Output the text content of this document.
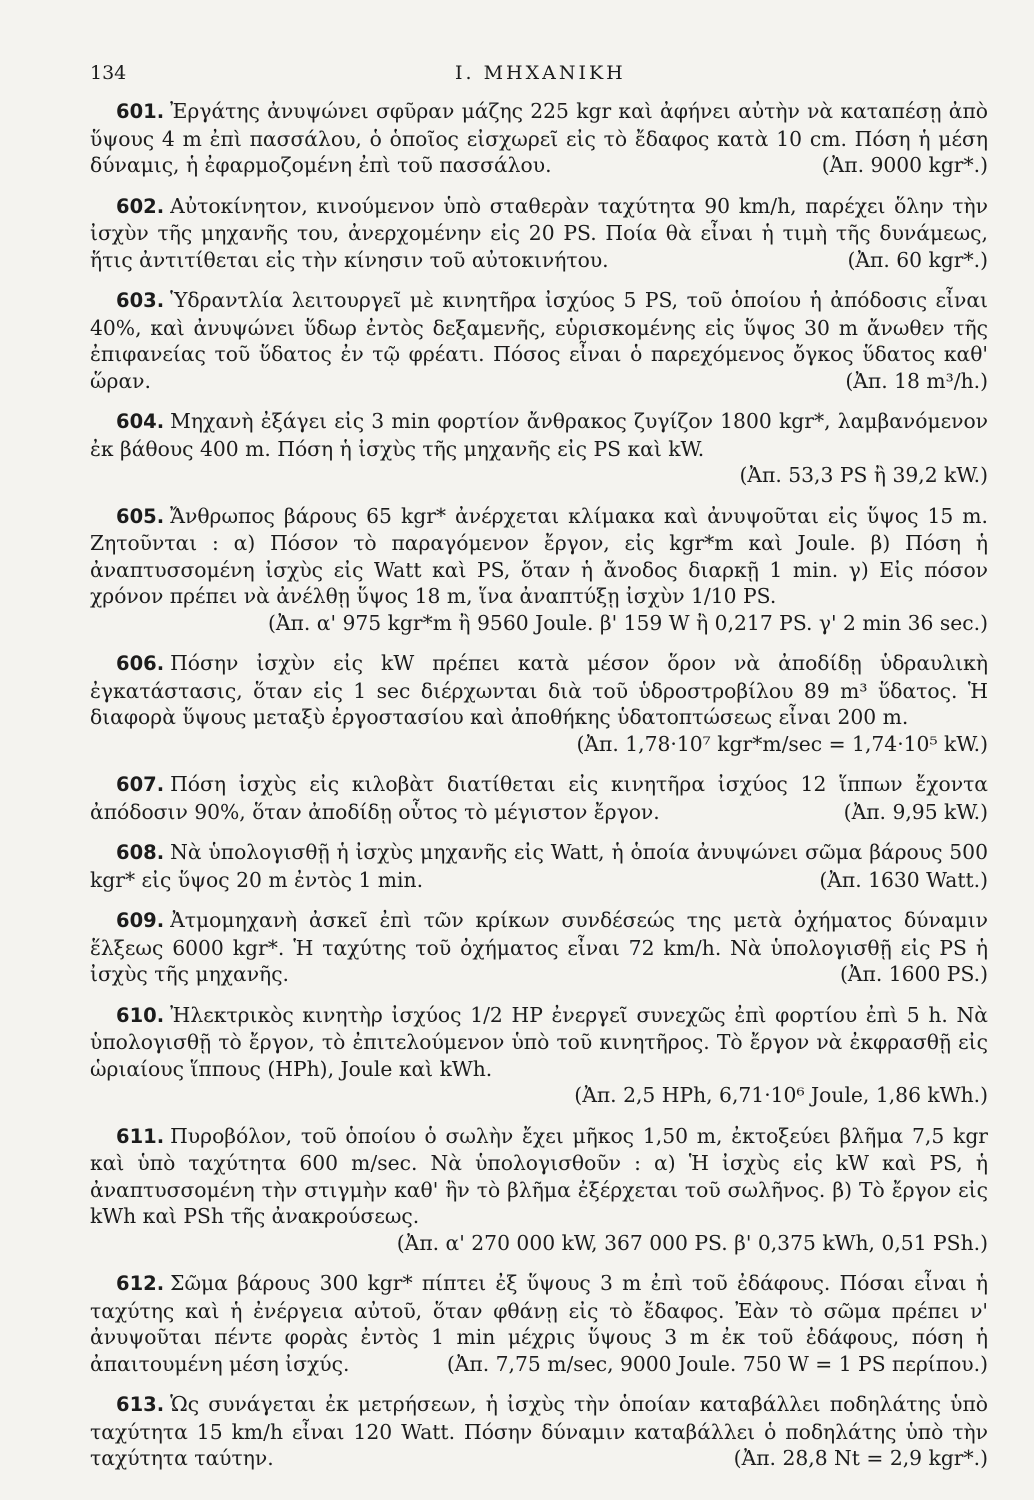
134	I. ΜΗΧΑΝΙΚΗ

601. Ἐργάτης ἀνυψώνει σφῦραν μάζης 225 kgr καὶ ἀφήνει αὐτὴν νὰ καταπέσῃ ἀπὸ ὕψους 4 m ἐπὶ πασσάλου, ὁ ὁποῖος εἰσχωρεῖ εἰς τὸ ἔδαφος κατὰ 10 cm. Πόση ἡ μέση δύναμις, ἡ ἐφαρμοζομένη ἐπὶ τοῦ πασσάλου.	(Ἀπ. 9000 kgr*.)

602. Αὐτοκίνητον, κινούμενον ὑπὸ σταθερὰν ταχύτητα 90 km/h, παρέχει ὅλην τὴν ἰσχὺν τῆς μηχανῆς του, ἀνερχομένην εἰς 20 PS. Ποία θὰ εἶναι ἡ τιμὴ τῆς δυνάμεως, ἥτις ἀντιτίθεται εἰς τὴν κίνησιν τοῦ αὐτοκινήτου.	(Ἀπ. 60 kgr*.)

603. Ὑδραντλία λειτουργεῖ μὲ κινητῆρα ἰσχύος 5 PS, τοῦ ὁποίου ἡ ἀπόδοσις εἶναι 40%, καὶ ἀνυψώνει ὕδωρ ἐντὸς δεξαμενῆς, εὑρισκομένης εἰς ὕψος 30 m ἄνωθεν τῆς ἐπιφανείας τοῦ ὕδατος ἐν τῷ φρέατι. Πόσος εἶναι ὁ παρεχόμενος ὄγκος ὕδατος καθ' ὥραν.	(Ἀπ. 18 m³/h.)

604. Μηχανὴ ἐξάγει εἰς 3 min φορτίον ἄνθρακος ζυγίζον 1800 kgr*, λαμβανόμενον ἐκ βάθους 400 m. Πόση ἡ ἰσχὺς τῆς μηχανῆς εἰς PS καὶ kW.
(Ἀπ. 53,3 PS ἢ 39,2 kW.)

605. Ἄνθρωπος βάρους 65 kgr* ἀνέρχεται κλίμακα καὶ ἀνυψοῦται εἰς ὕψος 15 m. Ζητοῦνται : α) Πόσον τὸ παραγόμενον ἔργον, εἰς kgr*m καὶ Joule. β) Πόση ἡ ἀναπτυσσομένη ἰσχὺς εἰς Watt καὶ PS, ὅταν ἡ ἄνοδος διαρκῇ 1 min. γ) Εἰς πόσον χρόνον πρέπει νὰ ἀνέλθῃ ὕψος 18 m, ἵνα ἀναπτύξῃ ἰσχὺν 1/10 PS.
(Ἀπ. α' 975 kgr*m ἢ 9560 Joule. β' 159 W ἢ 0,217 PS. γ' 2 min 36 sec.)

606. Πόσην ἰσχὺν εἰς kW πρέπει κατὰ μέσον ὅρον νὰ ἀποδίδῃ ὑδραυλικὴ ἐγκατάστασις, ὅταν εἰς 1 sec διέρχωνται διὰ τοῦ ὑδροστροβίλου 89 m³ ὕδατος. Ἡ διαφορὰ ὕψους μεταξὺ ἐργοστασίου καὶ ἀποθήκης ὑδατοπτώσεως εἶναι 200 m.
(Ἀπ. 1,78·10⁷ kgr*m/sec = 1,74·10⁵ kW.)

607. Πόση ἰσχὺς εἰς κιλοβὰτ διατίθεται εἰς κινητῆρα ἰσχύος 12 ἵππων ἔχοντα ἀπόδοσιν 90%, ὅταν ἀποδίδῃ οὗτος τὸ μέγιστον ἔργον.	(Ἀπ. 9,95 kW.)

608. Νὰ ὑπολογισθῇ ἡ ἰσχὺς μηχανῆς εἰς Watt, ἡ ὁποία ἀνυψώνει σῶμα βάρους 500 kgr* εἰς ὕψος 20 m ἐντὸς 1 min.	(Ἀπ. 1630 Watt.)

609. Ἀτμομηχανὴ ἀσκεῖ ἐπὶ τῶν κρίκων συνδέσεώς της μετὰ ὀχήματος δύναμιν ἕλξεως 6000 kgr*. Ἡ ταχύτης τοῦ ὀχήματος εἶναι 72 km/h. Νὰ ὑπολογισθῇ εἰς PS ἡ ἰσχὺς τῆς μηχανῆς.	(Ἀπ. 1600 PS.)

610. Ἠλεκτρικὸς κινητὴρ ἰσχύος 1/2 HP ἐνεργεῖ συνεχῶς ἐπὶ φορτίου ἐπὶ 5 h. Νὰ ὑπολογισθῇ τὸ ἔργον, τὸ ἐπιτελούμενον ὑπὸ τοῦ κινητῆρος. Τὸ ἔργον νὰ ἐκφρασθῇ εἰς ὡριαίους ἵππους (HPh), Joule καὶ kWh.
(Ἀπ. 2,5 HPh, 6,71·10⁶ Joule, 1,86 kWh.)

611. Πυροβόλον, τοῦ ὁποίου ὁ σωλὴν ἔχει μῆκος 1,50 m, ἐκτοξεύει βλῆμα 7,5 kgr καὶ ὑπὸ ταχύτητα 600 m/sec. Νὰ ὑπολογισθοῦν : α) Ἡ ἰσχὺς εἰς kW καὶ PS, ἡ ἀναπτυσσομένη τὴν στιγμὴν καθ' ἣν τὸ βλῆμα ἐξέρχεται τοῦ σωλῆνος. β) Τὸ ἔργον εἰς kWh καὶ PSh τῆς ἀνακρούσεως.
(Ἀπ. α' 270 000 kW, 367 000 PS. β' 0,375 kWh, 0,51 PSh.)

612. Σῶμα βάρους 300 kgr* πίπτει ἐξ ὕψους 3 m ἐπὶ τοῦ ἐδάφους. Πόσαι εἶναι ἡ ταχύτης καὶ ἡ ἐνέργεια αὐτοῦ, ὅταν φθάνῃ εἰς τὸ ἔδαφος. Ἐὰν τὸ σῶμα πρέπει ν' ἀνυψοῦται πέντε φορὰς ἐντὸς 1 min μέχρις ὕψους 3 m ἐκ τοῦ ἐδάφους, πόση ἡ ἀπαιτουμένη μέση ἰσχύς.	(Ἀπ. 7,75 m/sec, 9000 Joule. 750 W = 1 PS περίπου.)

613. Ὡς συνάγεται ἐκ μετρήσεων, ἡ ἰσχὺς τὴν ὁποίαν καταβάλλει ποδηλάτης ὑπὸ ταχύτητα 15 km/h εἶναι 120 Watt. Πόσην δύναμιν καταβάλλει ὁ ποδηλάτης ὑπὸ τὴν ταχύτητα ταύτην.	(Ἀπ. 28,8 Nt = 2,9 kgr*.)
